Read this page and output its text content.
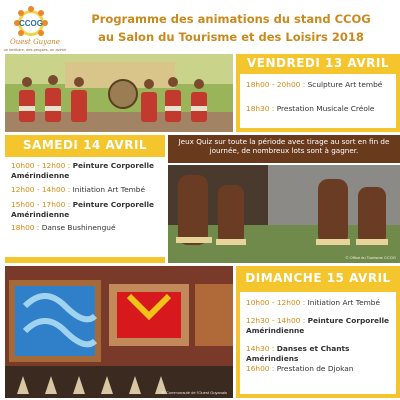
CCOG
Ouest Guyane
un territoire, des peuples, un avenir
Programme des animations du stand CCOG
au Salon du Tourisme et des Loisirs 2018
VENDREDI 13 AVRIL
18h00 - 20h00 : Sculpture Art tembé
18h30 : Prestation Musicale Créole
SAMEDI 14 AVRIL
10h00 - 12h00 : Peinture Corporelle Amérindienne
12h00 - 14h00 : Initiation Art Tembé
15h00 - 17h00 : Peinture Corporelle Amérindienne
18h00 : Danse Bushinengué
Jeux Quiz sur toute la période avec tirage au sort en fin de journée, de nombreux lots sont à gagner.
© Office du Tourisme CCOG
© Communauté de l'Ouest Guyanais
DIMANCHE 15 AVRIL
10h00 - 12h00 : Initiation Art Tembé
12h30 - 14h00 : Peinture Corporelle Amérindienne
14h30 : Danses et Chants Amérindiens
16h00 : Prestation de Djokan
